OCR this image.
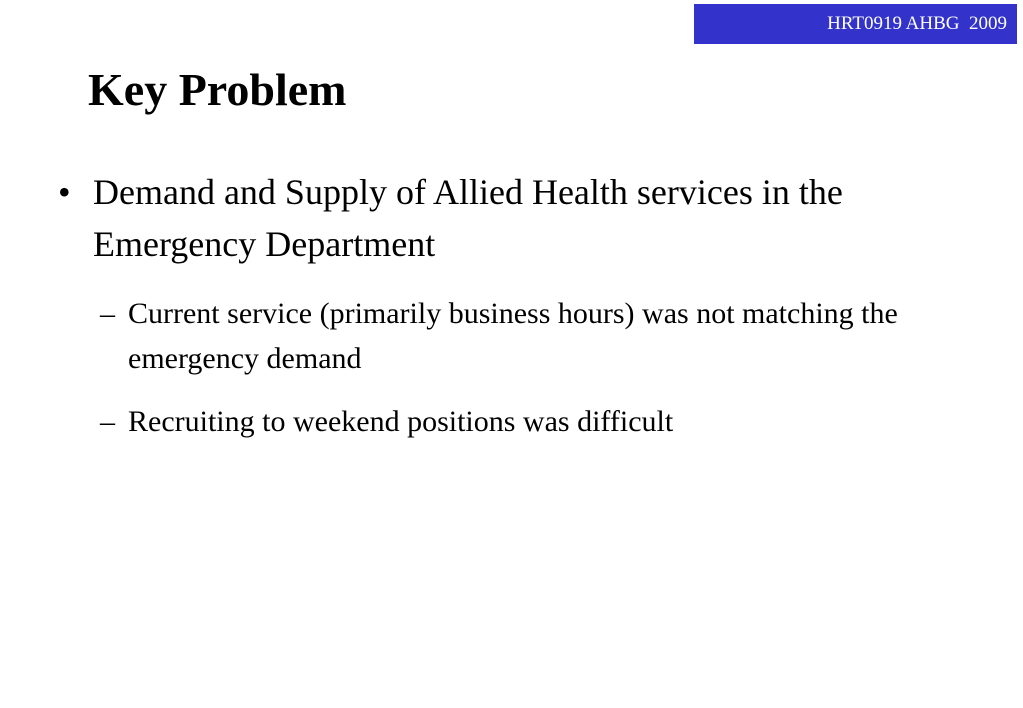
HRT0919 AHBG  2009
Key Problem
• Demand and Supply of Allied Health services in the Emergency Department
– Current service (primarily business hours) was not matching the emergency demand
– Recruiting to weekend positions was difficult
